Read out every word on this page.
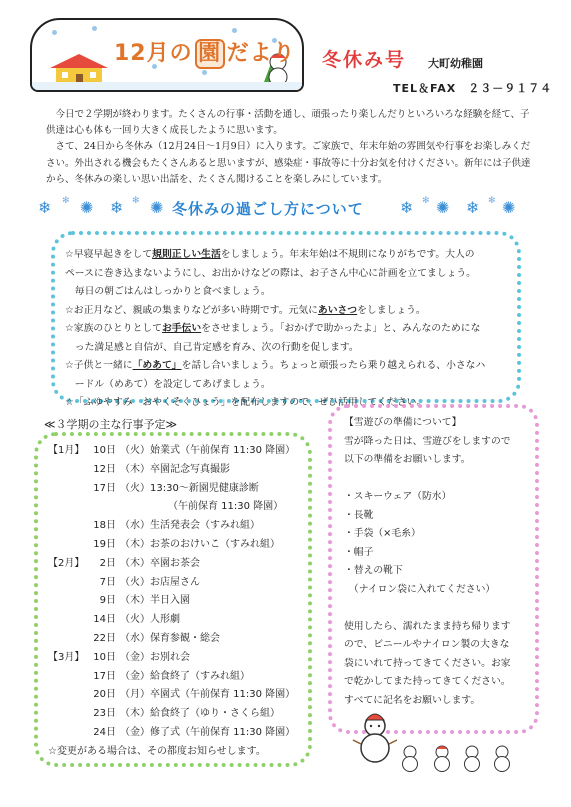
12月の 園 だより 冬休み号 大町幼稚園
TEL＆FAX　２３－９１７４

今日で２学期が終わります。たくさんの行事・活動を通し、頑張ったり楽しんだりといろいろな経験を経て、子供達は心も体も一回り大きく成長したように思います。

さて、24日から冬休み（12月24日～1月9日）に入ります。ご家族で、年末年始の雰囲気や行事をお楽しみください。外出される機会もたくさんあると思いますが、感染症・事故等に十分お気を付けください。新年には子供達から、冬休みの楽しい思い出話を、たくさん聞けることを楽しみにしています。

❄ ✻ ✺ ❄ ✻ ✺ 冬休みの過ごし方について ❄ ✻ ✺ ❄ ✻ ✺
☆早寝早起きをして規則正しい生活をしましょう。年末年始は不規則になりがちです。大人の
ペースに巻き込まないようにし、お出かけなどの際は、お子さん中心に計画を立てましょう。
毎日の朝ごはんはしっかりと食べましょう。
☆お正月など、親戚の集まりなどが多い時期です。元気にあいさつをしましょう。
☆家族のひとりとしてお手伝いをさせましょう。「おかげで助かったよ」と、みんなのためにな
った満足感と自信が、自己肯定感を育み、次の行動を促します。
☆子供と一緒に「めあて」を話し合いましょう。ちょっと頑張ったら乗り越えられる、小さなハ
ードル（めあて）を設定してあげましょう。
☆「ふゆやすみ　おやくそくひょう」を配布しますので、ぜひ活用してください。
≪３学期の主な行事予定≫
【1月】 10日 （火）始業式（午前保育 11:30 降園）
12日 （木）卒園記念写真撮影
17日 （火）13:30～新園児健康診断
（午前保育 11:30 降園）
18日 （水）生活発表会（すみれ組）
19日 （木）お茶のおけいこ（すみれ組）
【2月】 2日 （木）卒園お茶会
7日 （火）お店屋さん
9日 （木）半日入園
14日 （火）人形劇
22日 （水）保育参観・総会
【3月】 10日 （金）お別れ会
17日 （金）給食終了（すみれ組）
20日 （月）卒園式（午前保育 11:30 降園）
23日 （木）給食終了（ゆり・さくら組）
24日 （金）修了式（午前保育 11:30 降園）
☆変更がある場合は、その都度お知らせします。
【雪遊びの準備について】
雪が降った日は、雪遊びをしますので
以下の準備をお願いします。
・スキーウェア（防水）
・長靴
・手袋（×毛糸）
・帽子
・替えの靴下
　（ナイロン袋に入れてください）
使用したら、濡れたまま持ち帰ります
ので、ビニールやナイロン製の大きな
袋にいれて持ってきてください。お家
で乾かしてまた持ってきてください。
すべてに記名をお願いします。
